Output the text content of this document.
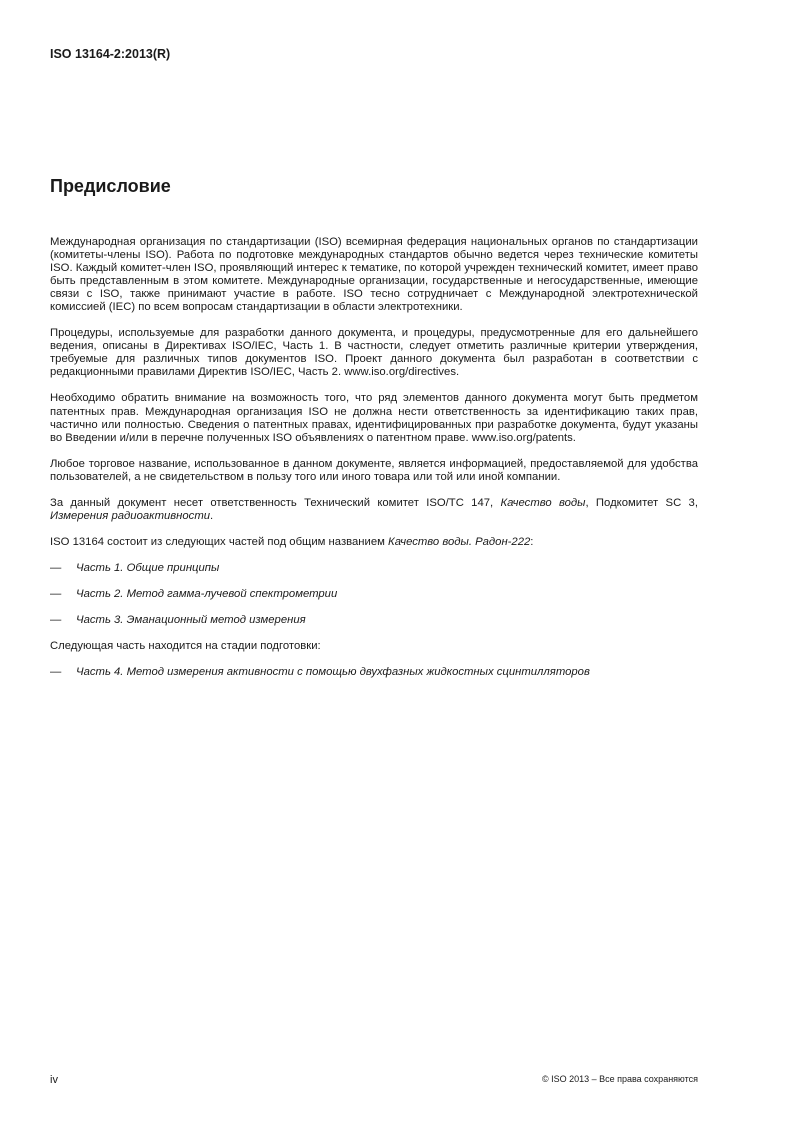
ISO 13164-2:2013(R)
Предисловие

Международная организация по стандартизации (ISO) всемирная федерация национальных органов по стандартизации (комитеты-члены ISO). Работа по подготовке международных стандартов обычно ведется через технические комитеты ISO. Каждый комитет-член ISO, проявляющий интерес к тематике, по которой учрежден технический комитет, имеет право быть представленным в этом комитете. Международные организации, государственные и негосударственные, имеющие связи с ISO, также принимают участие в работе. ISO тесно сотрудничает с Международной электротехнической комиссией (IEC) по всем вопросам стандартизации в области электротехники.

Процедуры, используемые для разработки данного документа, и процедуры, предусмотренные для его дальнейшего ведения, описаны в Директивах ISO/IEC, Часть 1. В частности, следует отметить различные критерии утверждения, требуемые для различных типов документов ISO. Проект данного документа был разработан в соответствии с редакционными правилами Директив ISO/IEC, Часть 2. www.iso.org/directives.

Необходимо обратить внимание на возможность того, что ряд элементов данного документа могут быть предметом патентных прав. Международная организация ISO не должна нести ответственность за идентификацию таких прав, частично или полностью. Сведения о патентных правах, идентифицированных при разработке документа, будут указаны во Введении и/или в перечне полученных ISO объявлениях о патентном праве. www.iso.org/patents.

Любое торговое название, использованное в данном документе, является информацией, предоставляемой для удобства пользователей, а не свидетельством в пользу того или иного товара или той или иной компании.

За данный документ несет ответственность Технический комитет ISO/TC 147, Качество воды, Подкомитет SC 3, Измерения радиоактивности.

ISO 13164 состоит из следующих частей под общим названием Качество воды. Радон-222:

—	Часть 1. Общие принципы
—	Часть 2. Метод гамма-лучевой спектрометрии
—	Часть 3. Эманационный метод измерения

Следующая часть находится на стадии подготовки:

—	Часть 4. Метод измерения активности с помощью двухфазных жидкостных сцинтилляторов
iv	© ISO 2013 – Все права сохраняются
